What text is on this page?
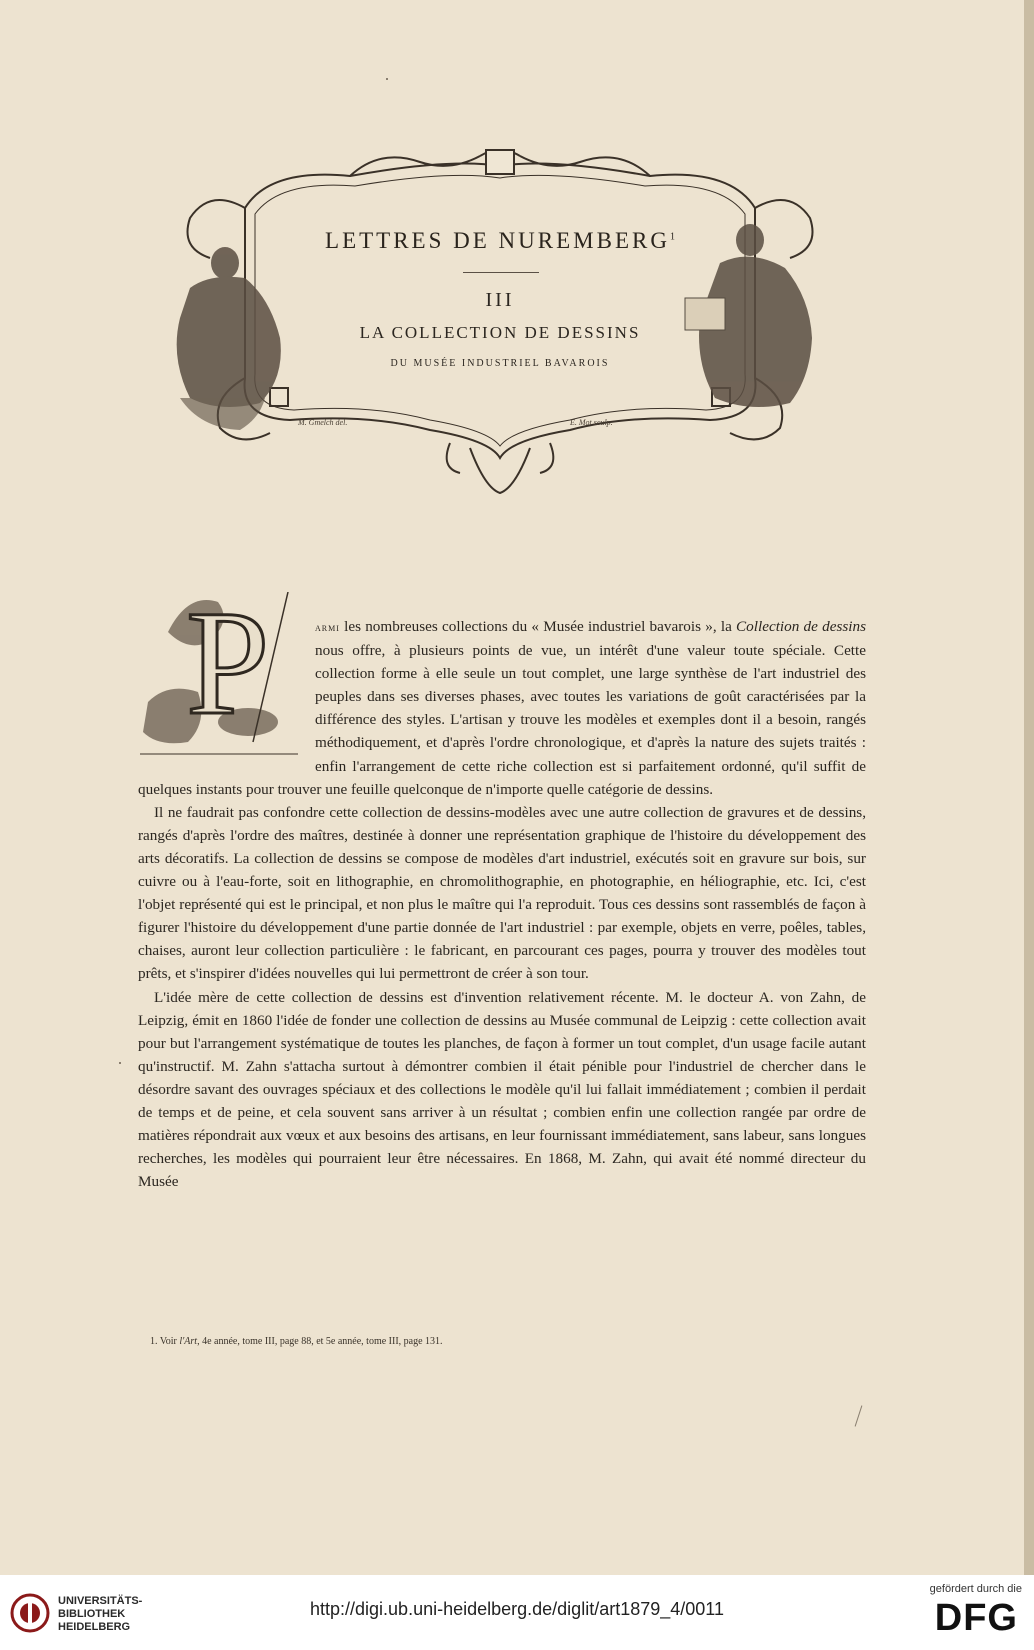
LETTRES DE NUREMBERG$^1$
III
LA COLLECTION DE DESSINS
DU MUSÉE INDUSTRIEL BAVAROIS
M. Gmelch del.	E. Mot sculp.
P	armi les nombreuses collections du « Musée industriel bavarois », la Collection de dessins nous offre, à plusieurs points de vue, un intérêt d'une valeur toute spéciale. Cette collection forme à elle seule un tout complet, une large synthèse de l'art industriel des peuples dans ses diverses phases, avec toutes les variations de goût caractérisées par la différence des styles. L'artisan y trouve les modèles et exemples dont il a besoin, rangés méthodiquement, et d'après l'ordre chronologique, et d'après la nature des sujets traités : enfin l'arrangement de cette riche collection est si parfaitement ordonné, qu'il suffit de quelques instants pour trouver une feuille quelconque de n'importe quelle catégorie de dessins.

Il ne faudrait pas confondre cette collection de dessins-modèles avec une autre collection de gravures et de dessins, rangés d'après l'ordre des maîtres, destinée à donner une représentation graphique de l'histoire du développement des arts décoratifs. La collection de dessins se compose de modèles d'art industriel, exécutés soit en gravure sur bois, sur cuivre ou à l'eau-forte, soit en lithographie, en chromolithographie, en photographie, en héliographie, etc. Ici, c'est l'objet représenté qui est le principal, et non plus le maître qui l'a reproduit. Tous ces dessins sont rassemblés de façon à figurer l'histoire du développement d'une partie donnée de l'art industriel : par exemple, objets en verre, poêles, tables, chaises, auront leur collection particulière : le fabricant, en parcourant ces pages, pourra y trouver des modèles tout prêts, et s'inspirer d'idées nouvelles qui lui permettront de créer à son tour.

L'idée mère de cette collection de dessins est d'invention relativement récente. M. le docteur A. von Zahn, de Leipzig, émit en 1860 l'idée de fonder une collection de dessins au Musée communal de Leipzig : cette collection avait pour but l'arrangement systématique de toutes les planches, de façon à former un tout complet, d'un usage facile autant qu'instructif. M. Zahn s'attacha surtout à démontrer combien il était pénible pour l'industriel de chercher dans le désordre savant des ouvrages spéciaux et des collections le modèle qu'il lui fallait immédiatement ; combien il perdait de temps et de peine, et cela souvent sans arriver à un résultat ; combien enfin une collection rangée par ordre de matières répondrait aux vœux et aux besoins des artisans, en leur fournissant immédiatement, sans labeur, sans longues recherches, les modèles qui pourraient leur être nécessaires. En 1868, M. Zahn, qui avait été nommé directeur du Musée

1. Voir l'Art, 4e année, tome III, page 88, et 5e année, tome III, page 131.
UNIVERSITÄTS-
BIBLIOTHEK
HEIDELBERG
http://digi.ub.uni-heidelberg.de/diglit/art1879_4/0011
gefördert durch die
DFG
